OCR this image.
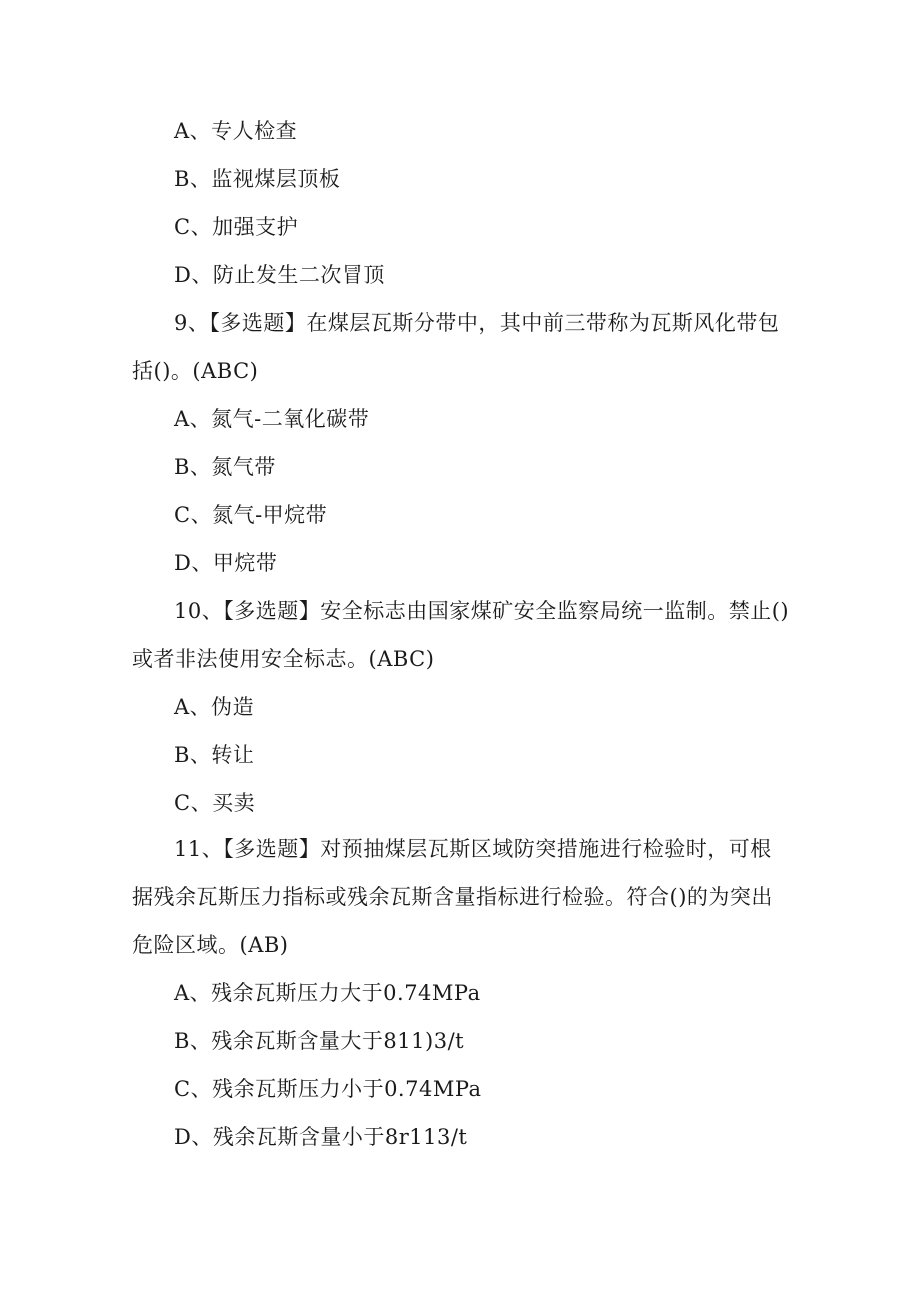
A、专人检查
B、监视煤层顶板
C、加强支护
D、防止发生二次冒顶
9、【多选题】在煤层瓦斯分带中，其中前三带称为瓦斯风化带包
括()。(ABC)
A、氮气-二氧化碳带
B、氮气带
C、氮气-甲烷带
D、甲烷带
10、【多选题】安全标志由国家煤矿安全监察局统一监制。禁止()
或者非法使用安全标志。(ABC)
A、伪造
B、转让
C、买卖
11、【多选题】对预抽煤层瓦斯区域防突措施进行检验时，可根
据残余瓦斯压力指标或残余瓦斯含量指标进行检验。符合()的为突出
危险区域。(AB)
A、残余瓦斯压力大于0.74MPa
B、残余瓦斯含量大于811)3/t
C、残余瓦斯压力小于0.74MPa
D、残余瓦斯含量小于8r113/t
